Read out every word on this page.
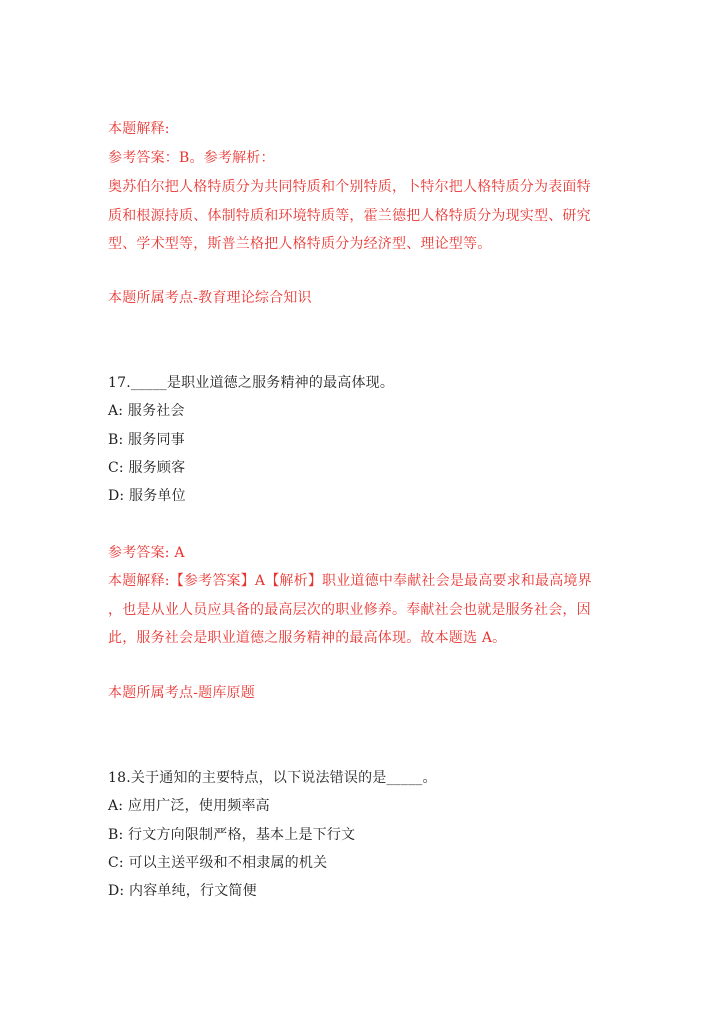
本题解释:
参考答案：B。参考解析：
奥苏伯尔把人格特质分为共同特质和个别特质，卜特尔把人格特质分为表面特
质和根源持质、体制特质和环境特质等，霍兰德把人格特质分为现实型、研究
型、学术型等，斯普兰格把人格特质分为经济型、理论型等。
本题所属考点-教育理论综合知识
17._____是职业道德之服务精神的最高体现。
A: 服务社会
B: 服务同事
C: 服务顾客
D: 服务单位
参考答案: A
本题解释:【参考答案】A【解析】职业道德中奉献社会是最高要求和最高境界
，也是从业人员应具备的最高层次的职业修养。奉献社会也就是服务社会，因
此，服务社会是职业道德之服务精神的最高体现。故本题选 A。
本题所属考点-题库原题
18.关于通知的主要特点，以下说法错误的是_____。
A: 应用广泛，使用频率高
B: 行文方向限制严格，基本上是下行文
C: 可以主送平级和不相隶属的机关
D: 内容单纯，行文简便
